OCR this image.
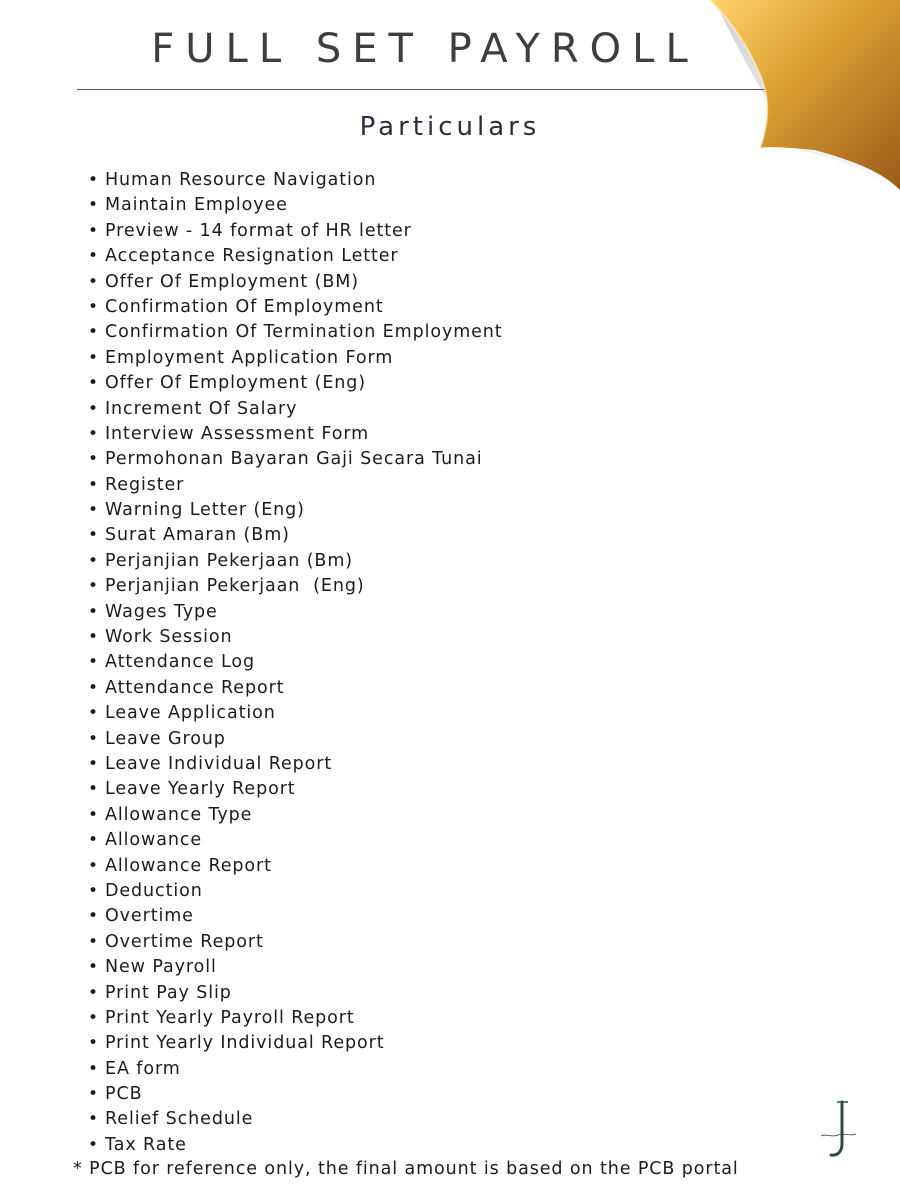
FULL SET PAYROLL
Particulars
• Human Resource Navigation
• Maintain Employee
• Preview - 14 format of HR letter
• Acceptance Resignation Letter
• Offer Of Employment (BM)
• Confirmation Of Employment
• Confirmation Of Termination Employment
• Employment Application Form
• Offer Of Employment (Eng)
• Increment Of Salary
• Interview Assessment Form
• Permohonan Bayaran Gaji Secara Tunai
• Register
• Warning Letter (Eng)
• Surat Amaran (Bm)
• Perjanjian Pekerjaan (Bm)
• Perjanjian Pekerjaan  (Eng)
• Wages Type
• Work Session
• Attendance Log
• Attendance Report
• Leave Application
• Leave Group
• Leave Individual Report
• Leave Yearly Report
• Allowance Type
• Allowance
• Allowance Report
• Deduction
• Overtime
• Overtime Report
• New Payroll
• Print Pay Slip
• Print Yearly Payroll Report
• Print Yearly Individual Report
• EA form
• PCB
• Relief Schedule
• Tax Rate
* PCB for reference only, the final amount is based on the PCB portal
